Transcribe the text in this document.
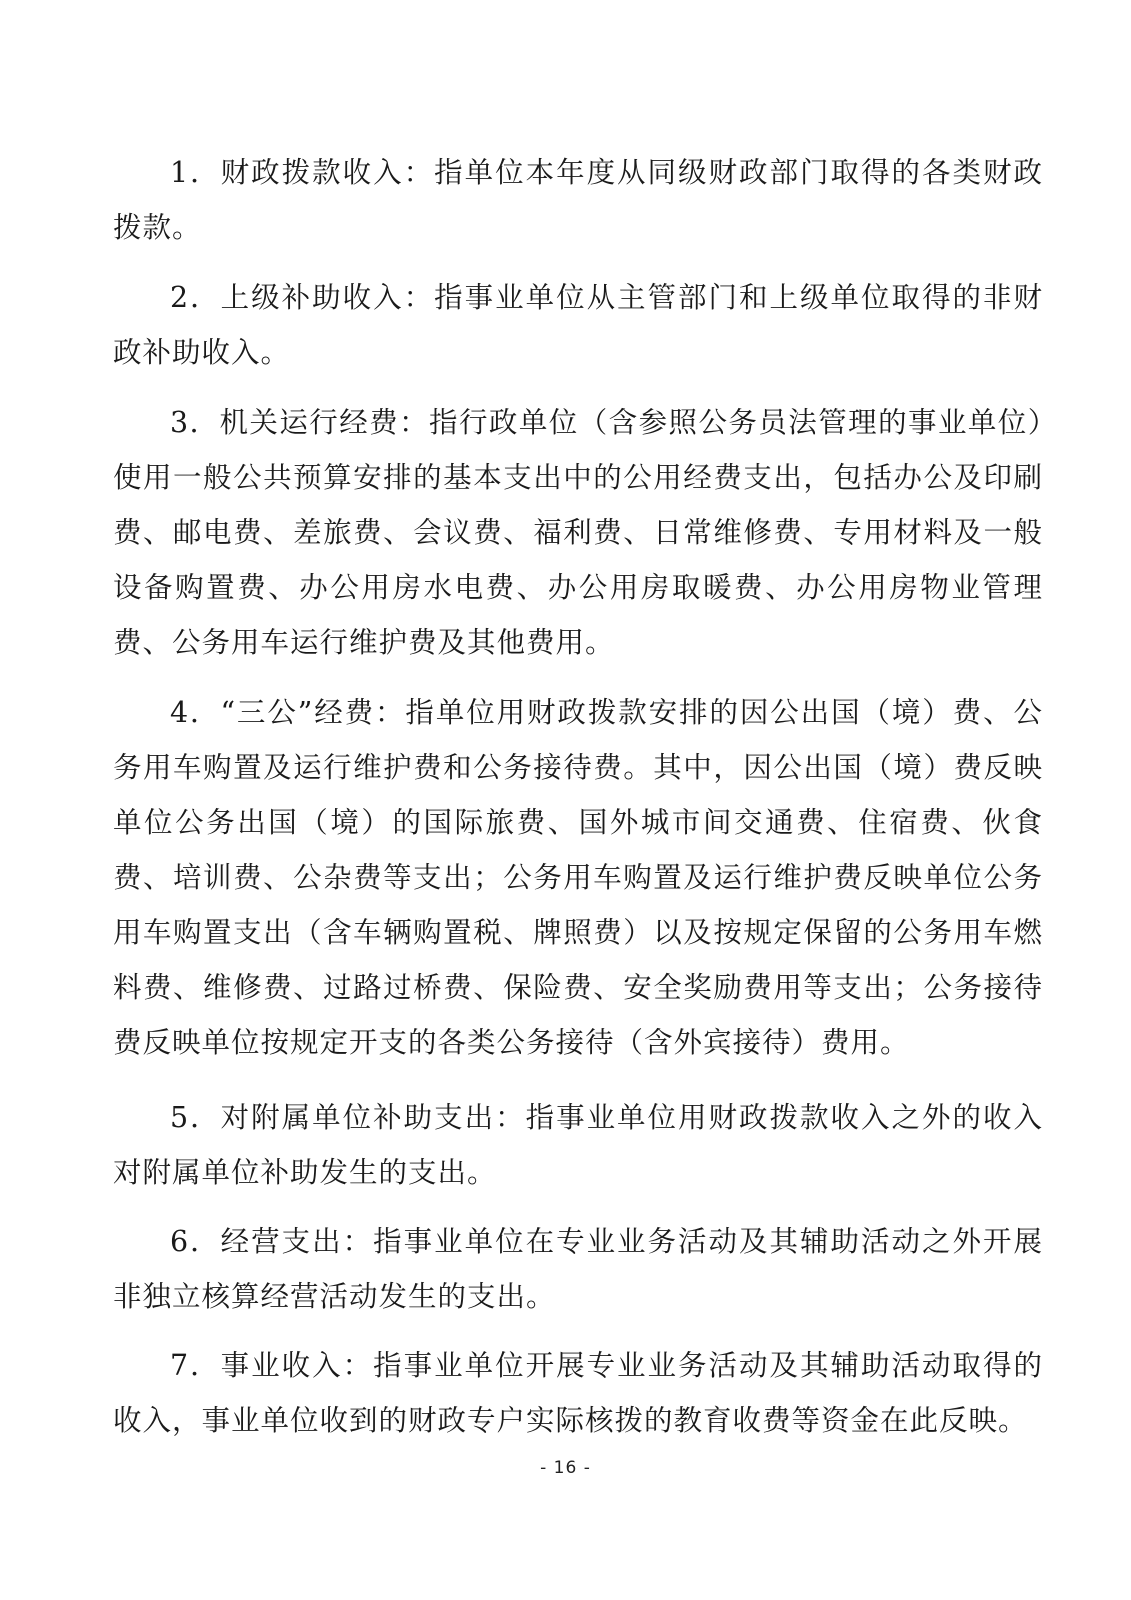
1．财政拨款收入：指单位本年度从同级财政部门取得的各类财政拨款。

2．上级补助收入：指事业单位从主管部门和上级单位取得的非财政补助收入。

3．机关运行经费：指行政单位（含参照公务员法管理的事业单位）使用一般公共预算安排的基本支出中的公用经费支出，包括办公及印刷费、邮电费、差旅费、会议费、福利费、日常维修费、专用材料及一般设备购置费、办公用房水电费、办公用房取暖费、办公用房物业管理费、公务用车运行维护费及其他费用。

4．“三公”经费：指单位用财政拨款安排的因公出国（境）费、公务用车购置及运行维护费和公务接待费。其中，因公出国（境）费反映单位公务出国（境）的国际旅费、国外城市间交通费、住宿费、伙食费、培训费、公杂费等支出；公务用车购置及运行维护费反映单位公务用车购置支出（含车辆购置税、牌照费）以及按规定保留的公务用车燃料费、维修费、过路过桥费、保险费、安全奖励费用等支出；公务接待费反映单位按规定开支的各类公务接待（含外宾接待）费用。

5．对附属单位补助支出：指事业单位用财政拨款收入之外的收入对附属单位补助发生的支出。

6．经营支出：指事业单位在专业业务活动及其辅助活动之外开展非独立核算经营活动发生的支出。

7．事业收入：指事业单位开展专业业务活动及其辅助活动取得的收入，事业单位收到的财政专户实际核拨的教育收费等资金在此反映。

- 16 -
